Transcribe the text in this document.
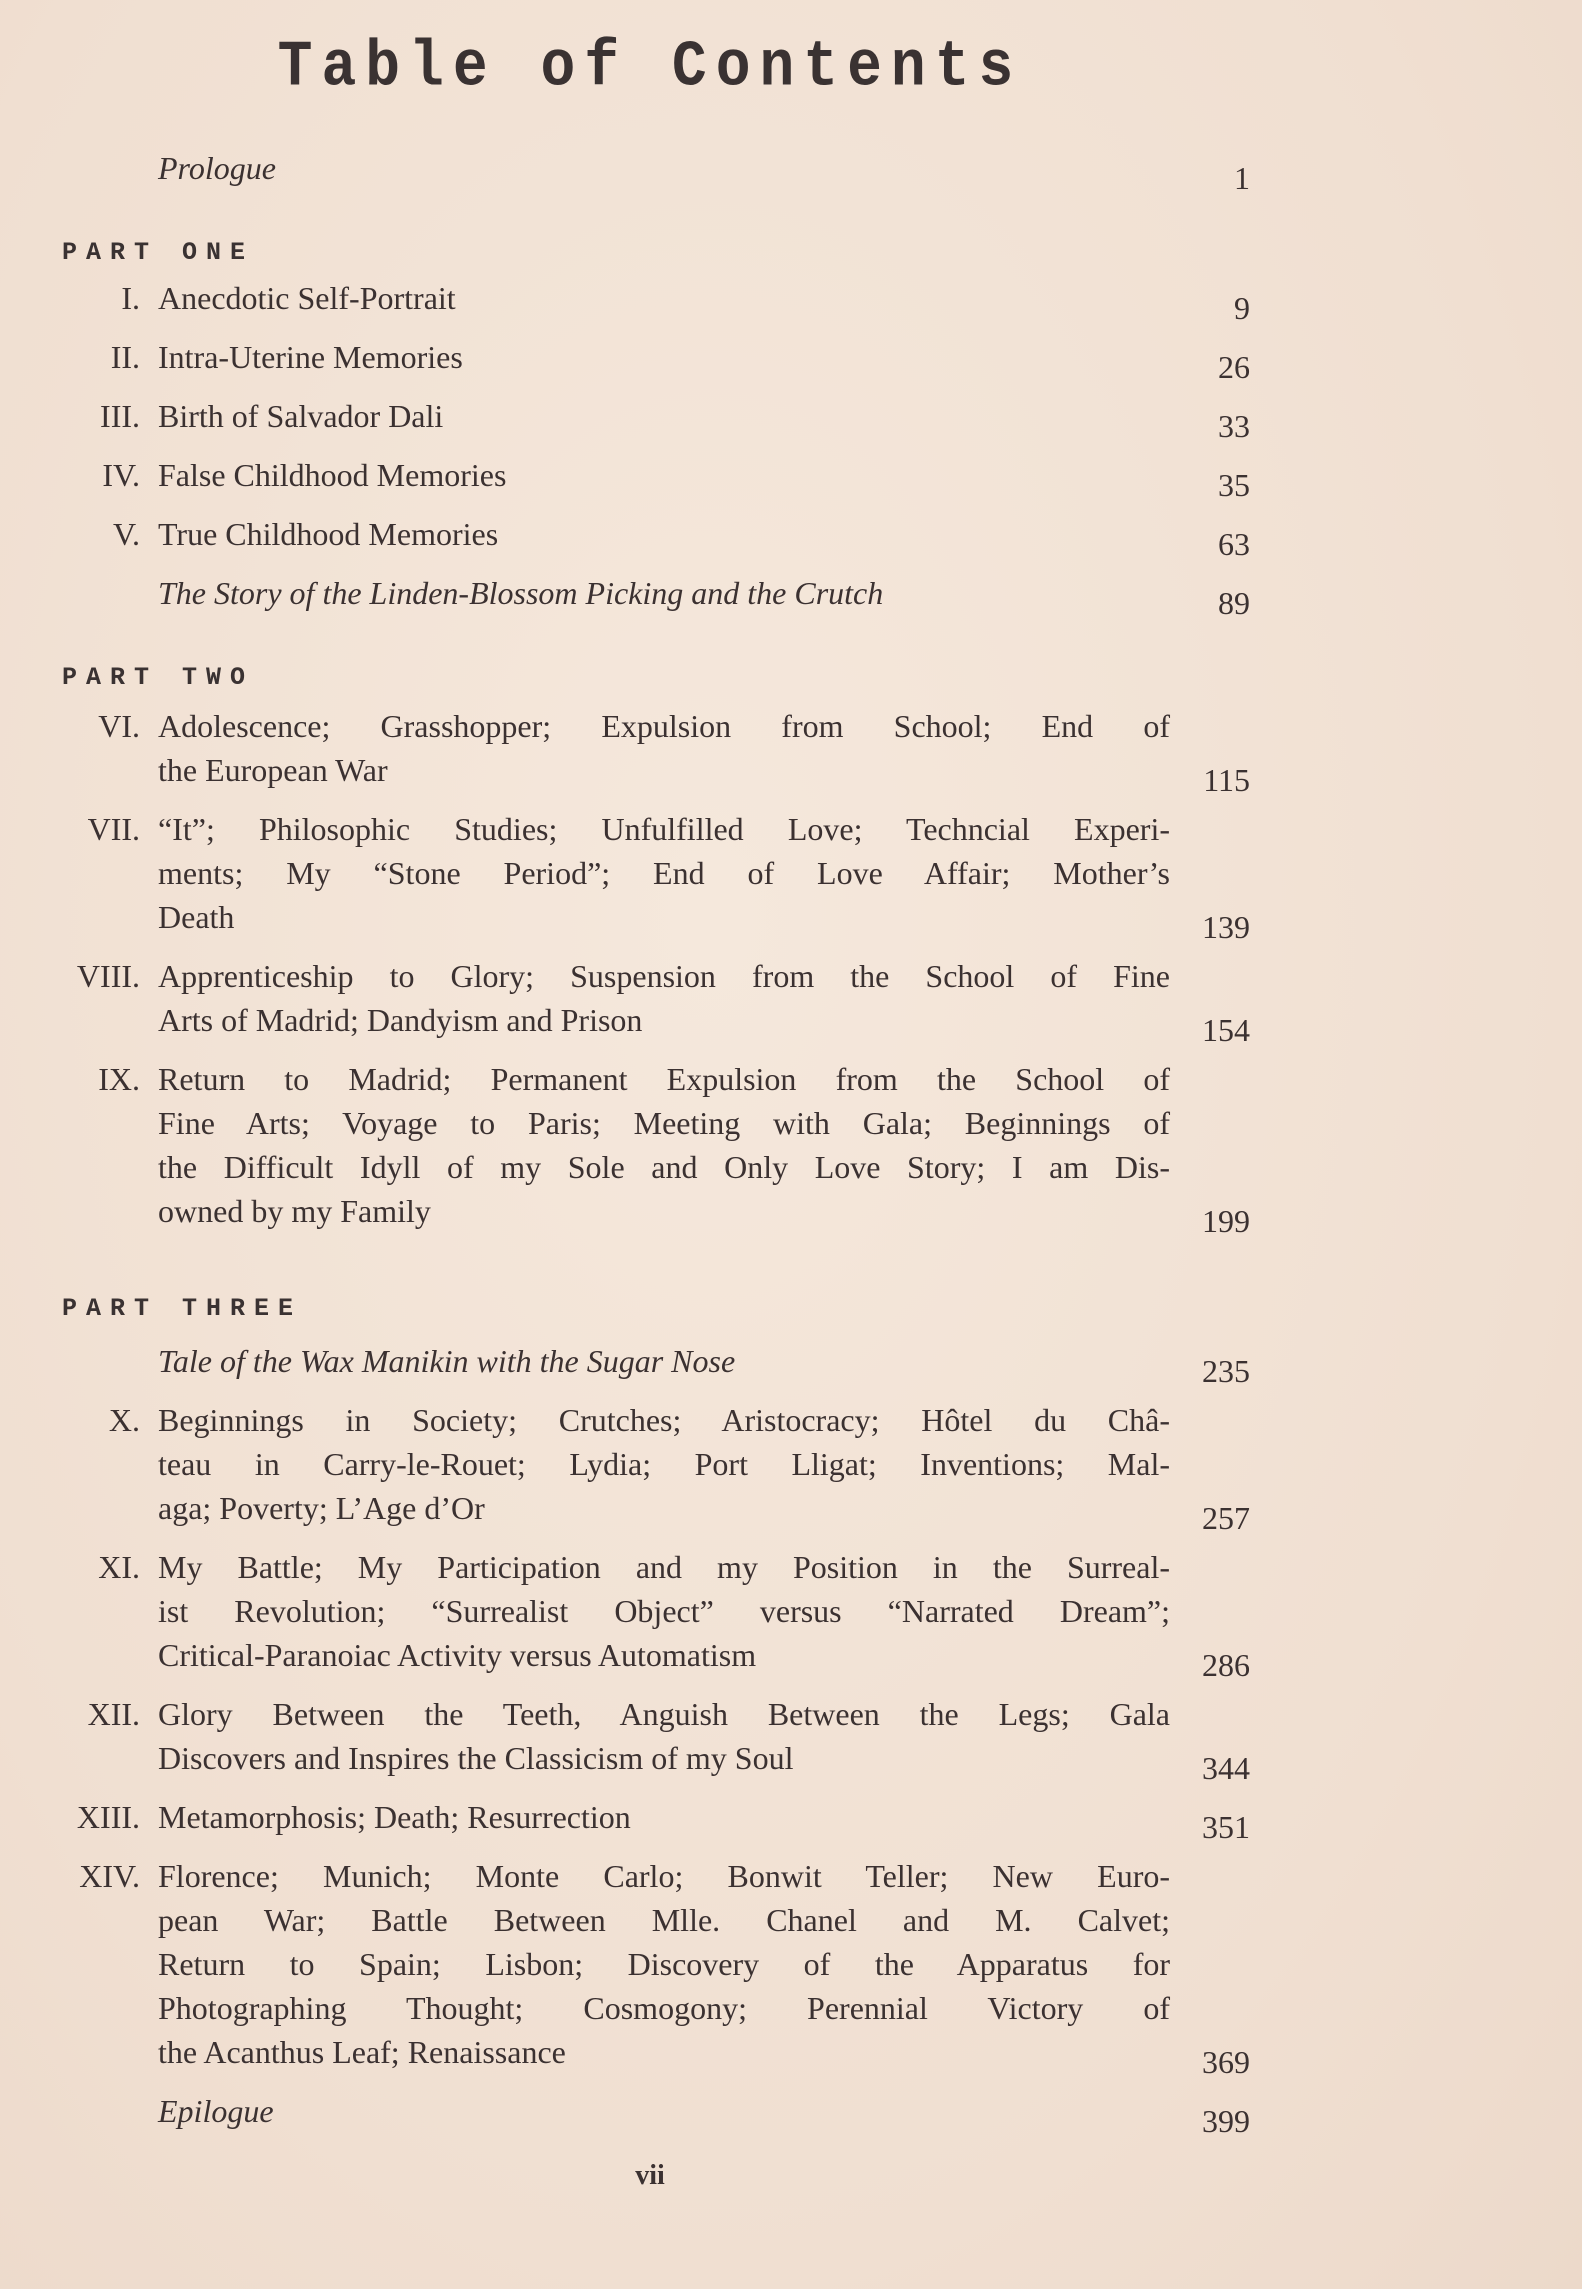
Table of Contents
Prologue	1
PART ONE
I. Anecdotic Self-Portrait	9
II. Intra-Uterine Memories	26
III. Birth of Salvador Dali	33
IV. False Childhood Memories	35
V. True Childhood Memories	63
The Story of the Linden-Blossom Picking and the Crutch	89
PART TWO
VI. Adolescence; Grasshopper; Expulsion from School; End of
the European War	115
VII. “It”; Philosophic Studies; Unfulfilled Love; Techncial Experi-
ments; My “Stone Period”; End of Love Affair; Mother’s
Death	139
VIII. Apprenticeship to Glory; Suspension from the School of Fine
Arts of Madrid; Dandyism and Prison	154
IX. Return to Madrid; Permanent Expulsion from the School of
Fine Arts; Voyage to Paris; Meeting with Gala; Beginnings of
the Difficult Idyll of my Sole and Only Love Story; I am Dis-
owned by my Family	199
PART THREE
Tale of the Wax Manikin with the Sugar Nose	235
X. Beginnings in Society; Crutches; Aristocracy; Hôtel du Châ-
teau in Carry-le-Rouet; Lydia; Port Lligat; Inventions; Mal-
aga; Poverty; L’Age d’Or	257
XI. My Battle; My Participation and my Position in the Surreal-
ist Revolution; “Surrealist Object” versus “Narrated Dream”;
Critical-Paranoiac Activity versus Automatism	286
XII. Glory Between the Teeth, Anguish Between the Legs; Gala
Discovers and Inspires the Classicism of my Soul	344
XIII. Metamorphosis; Death; Resurrection	351
XIV. Florence; Munich; Monte Carlo; Bonwit Teller; New Euro-
pean War; Battle Between Mlle. Chanel and M. Calvet;
Return to Spain; Lisbon; Discovery of the Apparatus for
Photographing Thought; Cosmogony; Perennial Victory of
the Acanthus Leaf; Renaissance	369
Epilogue	399
vii
